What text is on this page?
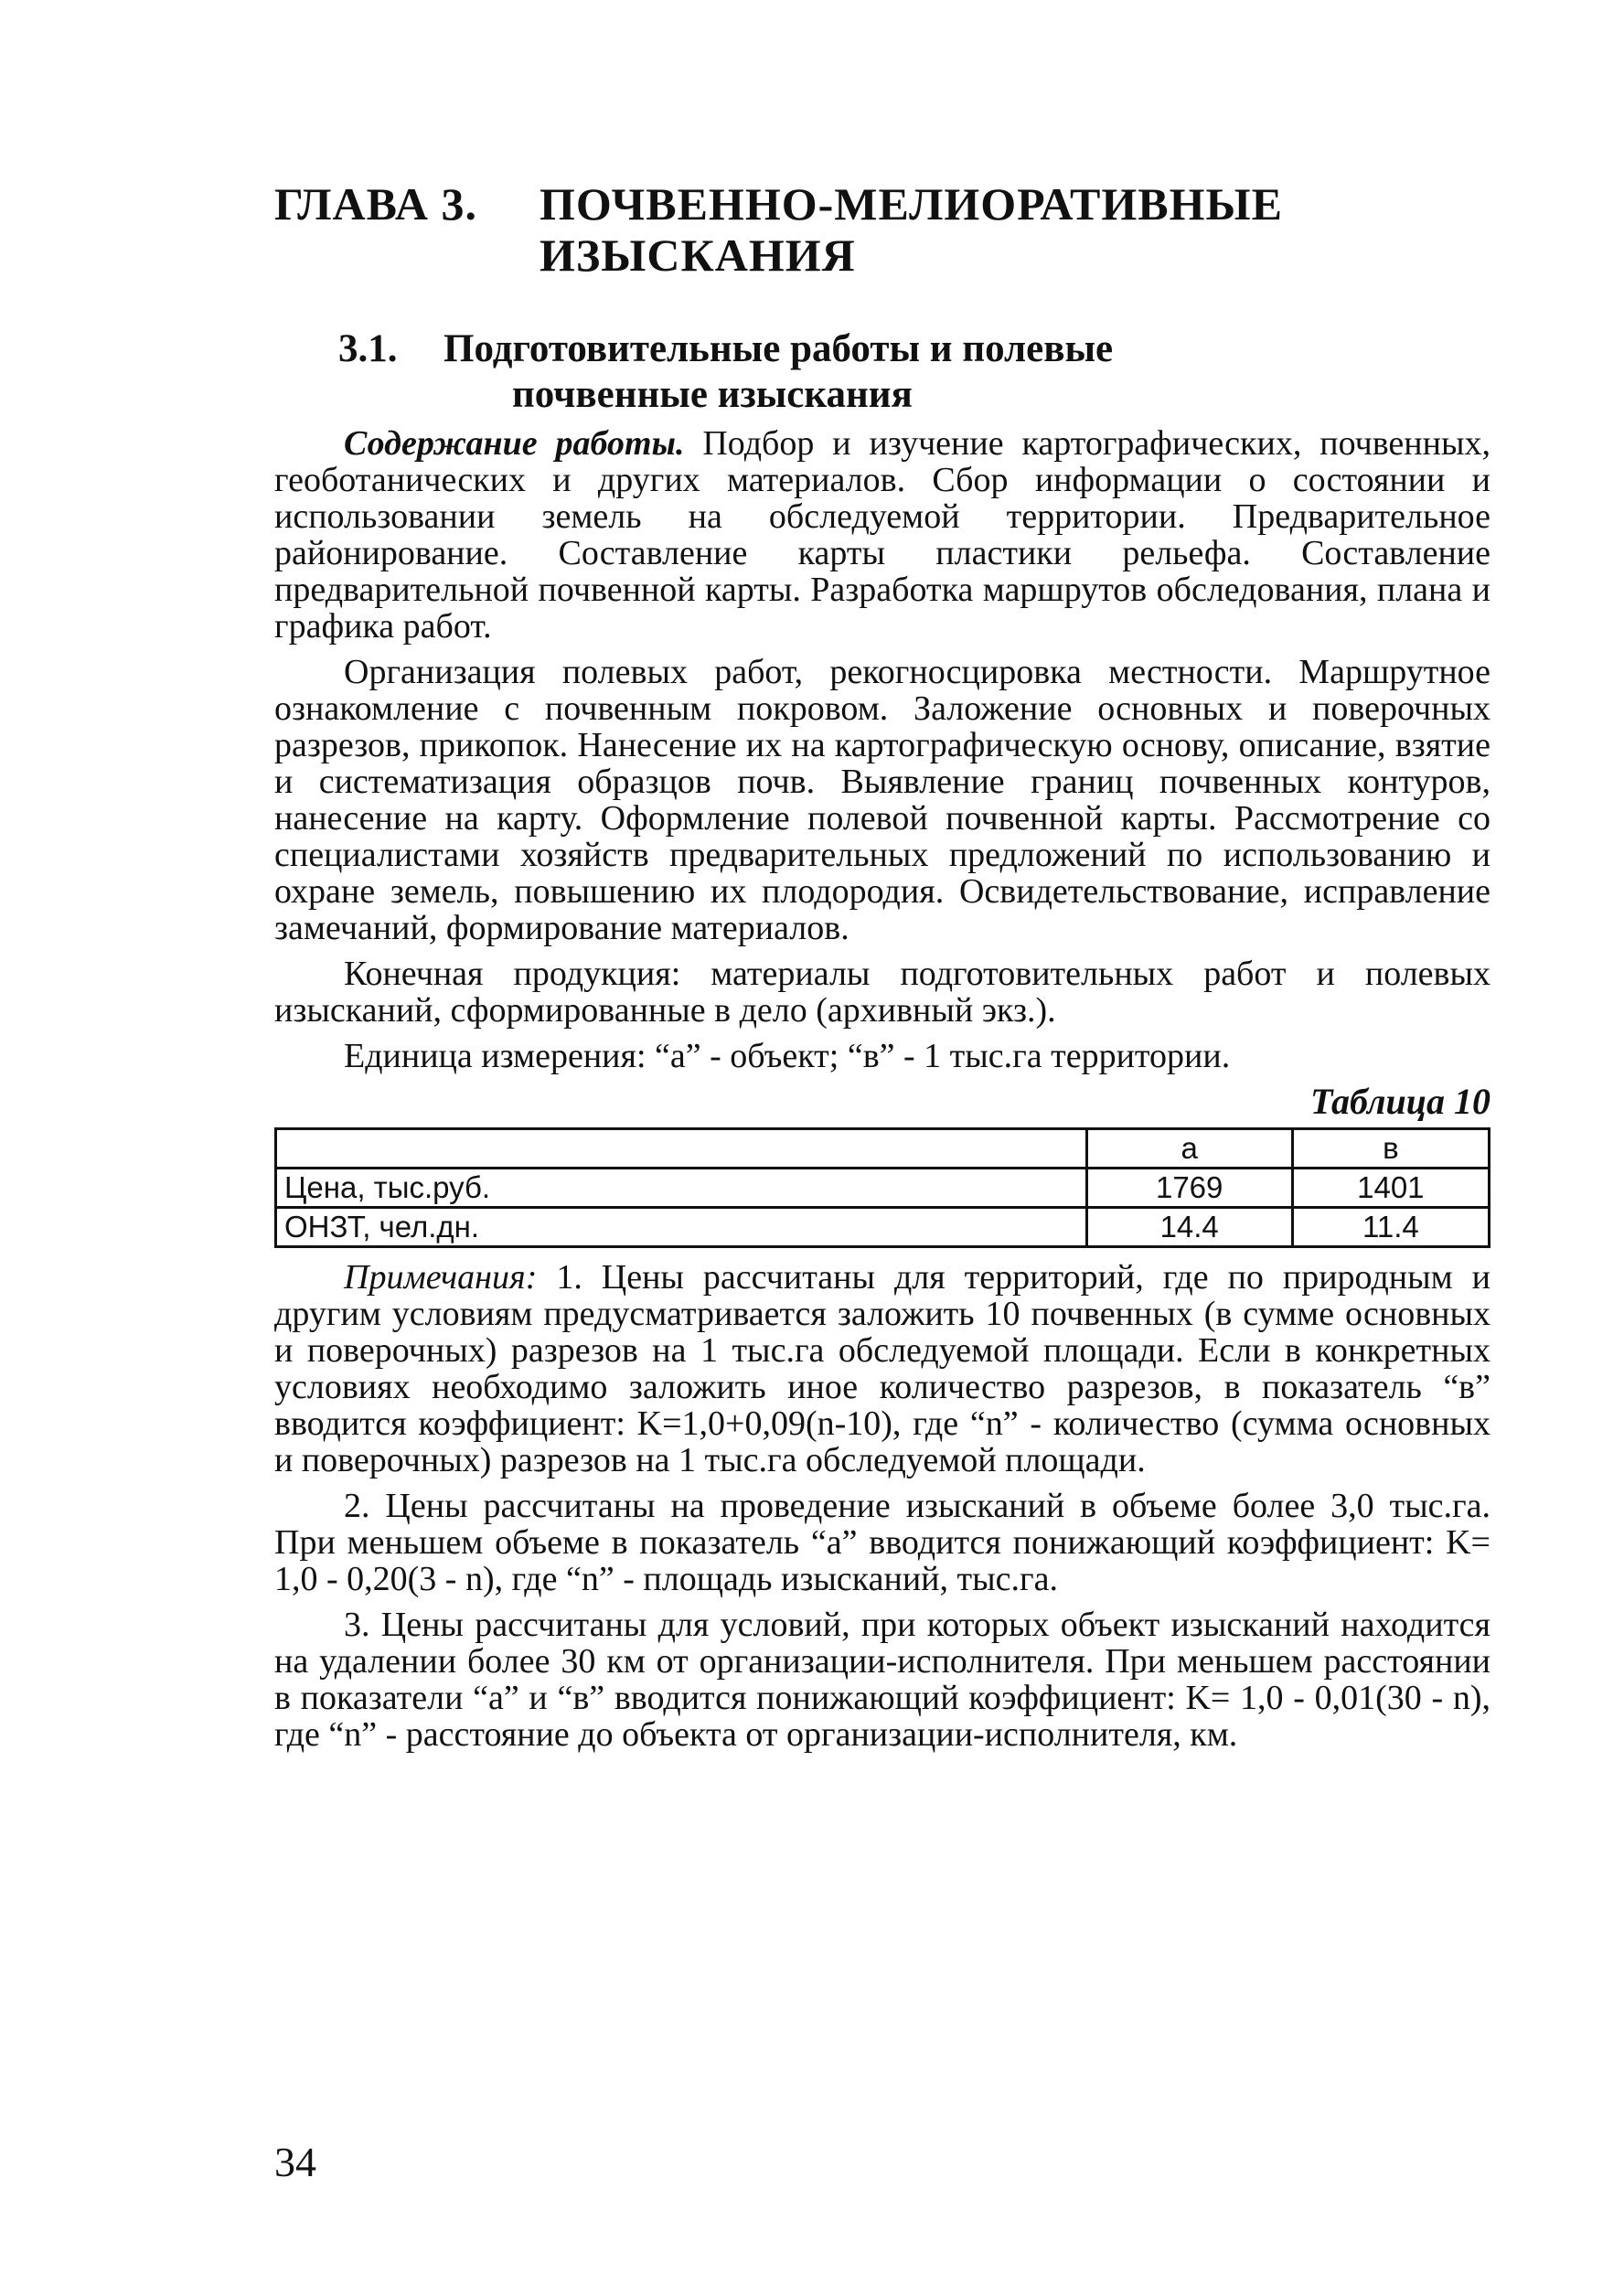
ГЛАВА 3. ПОЧВЕННО-МЕЛИОРАТИВНЫЕ
ИЗЫСКАНИЯ
3.1. Подготовительные работы и полевые
почвенные изыскания

Содержание работы. Подбор и изучение картографических, почвенных, геоботанических и других материалов. Сбор информации о состоянии и использовании земель на обследуемой территории. Предварительное районирование. Составление карты пластики рельефа. Составление предварительной почвенной карты. Разработка маршрутов обследования, плана и графика работ.

Организация полевых работ, рекогносцировка местности. Маршрутное ознакомление с почвенным покровом. Заложение основных и поверочных разрезов, прикопок. Нанесение их на картографическую основу, описание, взятие и систематизация образцов почв. Выявление границ почвенных контуров, нанесение на карту. Оформление полевой почвенной карты. Рассмотрение со специалистами хозяйств предварительных предложений по использованию и охране земель, повышению их плодородия. Освидетельствование, исправление замечаний, формирование материалов.

Конечная продукция: материалы подготовительных работ и полевых изысканий, сформированные в дело (архивный экз.).

Единица измерения: “а” - объект; “в” - 1 тыс.га территории.

Таблица 10
	а	в
Цена, тыс.руб.	1769	1401
ОНЗТ, чел.дн.	14.4	11.4

Примечания: 1. Цены рассчитаны для территорий, где по природным и другим условиям предусматривается заложить 10 почвенных (в сумме основных и поверочных) разрезов на 1 тыс.га обследуемой площади. Если в конкретных условиях необходимо заложить иное количество разрезов, в показатель “в” вводится коэффициент: K=1,0+0,09(n-10), где “n” - количество (сумма основных и поверочных) разрезов на 1 тыс.га обследуемой площади.

2. Цены рассчитаны на проведение изысканий в объеме более 3,0 тыс.га. При меньшем объеме в показатель “а” вводится понижающий коэффициент: K= 1,0 - 0,20(3 - n), где “n” - площадь изысканий, тыс.га.

3. Цены рассчитаны для условий, при которых объект изысканий находится на удалении более 30 км от организации-исполнителя. При меньшем расстоянии в показатели “а” и “в” вводится понижающий коэффициент: K= 1,0 - 0,01(30 - n), где “n” - расстояние до объекта от организации-исполнителя, км.

34
